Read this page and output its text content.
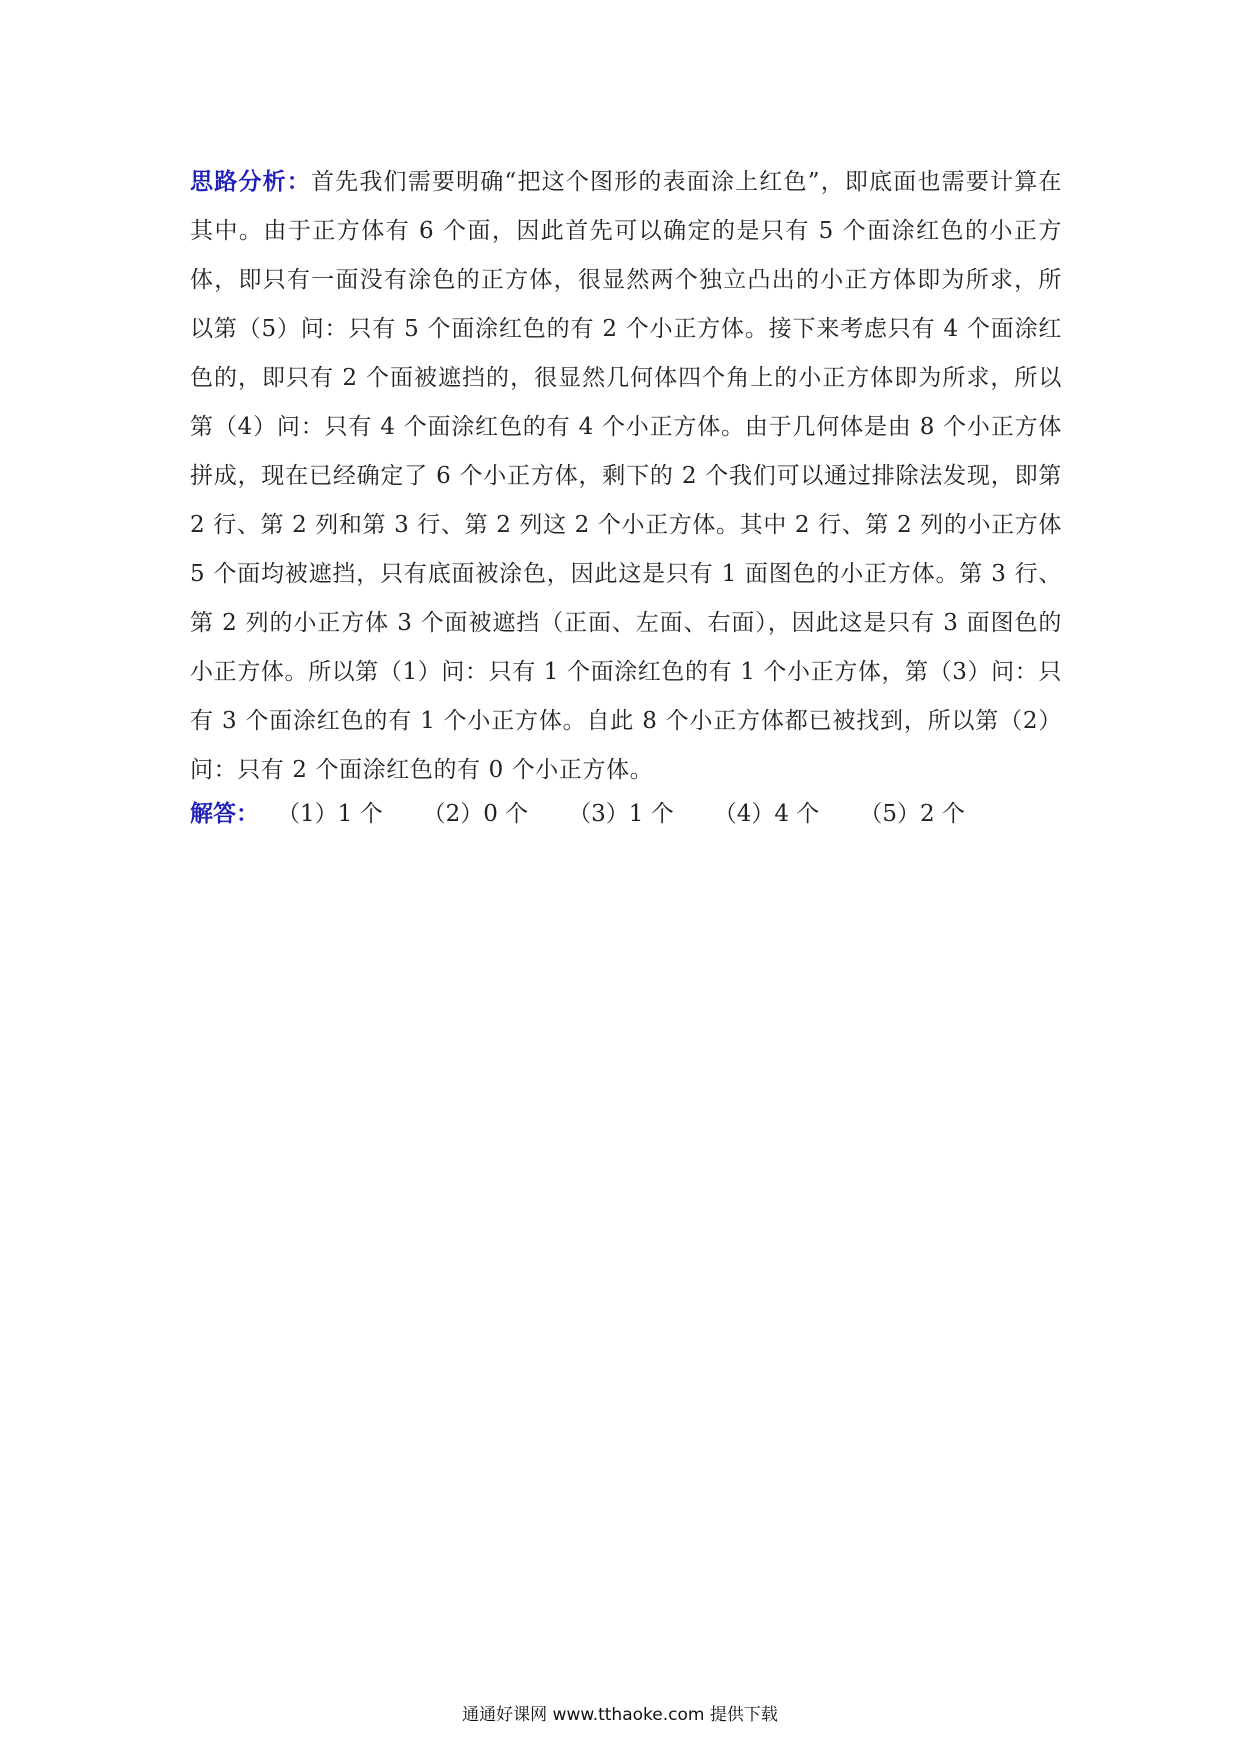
思路分析：首先我们需要明确“把这个图形的表面涂上红色”，即底面也需要计算在其中。由于正方体有 6 个面，因此首先可以确定的是只有 5 个面涂红色的小正方体，即只有一面没有涂色的正方体，很显然两个独立凸出的小正方体即为所求，所以第（5）问：只有 5 个面涂红色的有 2 个小正方体。接下来考虑只有 4 个面涂红色的，即只有 2 个面被遮挡的，很显然几何体四个角上的小正方体即为所求，所以第（4）问：只有 4 个面涂红色的有 4 个小正方体。由于几何体是由 8 个小正方体拼成，现在已经确定了 6 个小正方体，剩下的 2 个我们可以通过排除法发现，即第 2 行、第 2 列和第 3 行、第 2 列这 2 个小正方体。其中 2 行、第 2 列的小正方体 5 个面均被遮挡，只有底面被涂色，因此这是只有 1 面图色的小正方体。第 3 行、第 2 列的小正方体 3 个面被遮挡（正面、左面、右面），因此这是只有 3 面图色的小正方体。所以第（1）问：只有 1 个面涂红色的有 1 个小正方体，第（3）问：只有 3 个面涂红色的有 1 个小正方体。自此 8 个小正方体都已被找到，所以第（2）问：只有 2 个面涂红色的有 0 个小正方体。
解答： （1）1 个 （2）0 个 （3）1 个 （4）4 个 （5）2 个
通通好课网 www.tthaoke.com 提供下载
